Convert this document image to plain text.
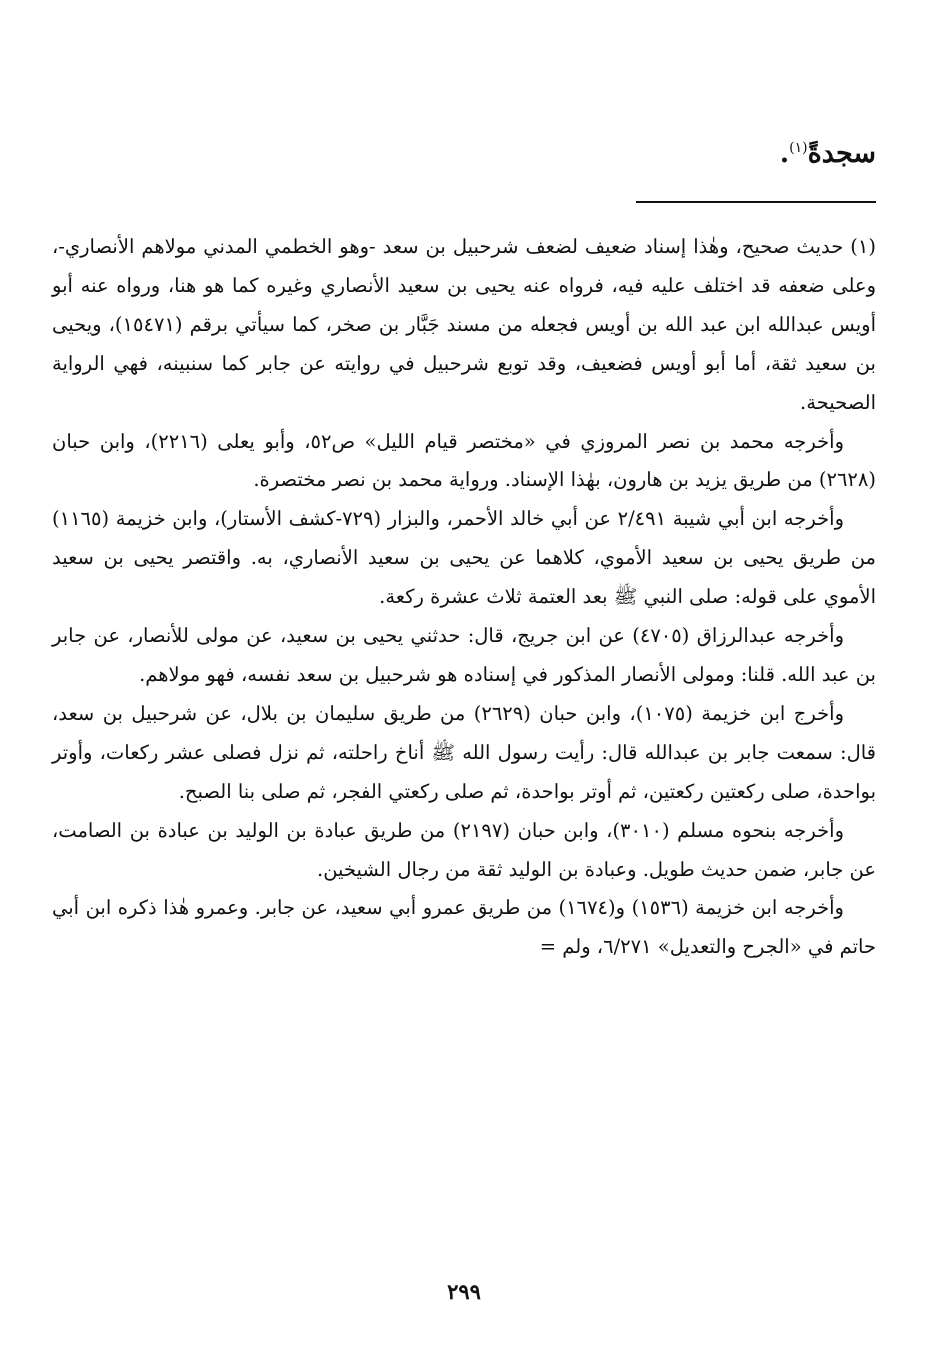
سجدةً$^{(١)}$.

(١) حديث صحيح، وهٰذا إسناد ضعيف لضعف شرحبيل بن سعد -وهو الخطمي المدني مولاهم الأنصاري-، وعلى ضعفه قد اختلف عليه فيه، فرواه عنه يحيى بن سعيد الأنصاري وغيره كما هو هنا، ورواه عنه أبو أويس عبدالله ابن عبد الله بن أويس فجعله من مسند جَبَّار بن صخر، كما سيأتي برقم (١٥٤٧١)، ويحيى بن سعيد ثقة، أما أبو أويس فضعيف، وقد توبع شرحبيل في روايته عن جابر كما سنبينه، فهي الرواية الصحيحة.

وأخرجه محمد بن نصر المروزي في «مختصر قيام الليل» ص٥٢، وأبو يعلى (٢٢١٦)، وابن حبان (٢٦٢٨) من طريق يزيد بن هارون، بهٰذا الإسناد. ورواية محمد بن نصر مختصرة.

وأخرجه ابن أبي شيبة ٢/٤٩١ عن أبي خالد الأحمر، والبزار (٧٢٩-كشف الأستار)، وابن خزيمة (١١٦٥) من طريق يحيى بن سعيد الأموي، كلاهما عن يحيى بن سعيد الأنصاري، به. واقتصر يحيى بن سعيد الأموي على قوله: صلى النبي ﷺ بعد العتمة ثلاث عشرة ركعة.

وأخرجه عبدالرزاق (٤٧٠٥) عن ابن جريج، قال: حدثني يحيى بن سعيد، عن مولى للأنصار، عن جابر بن عبد الله. قلنا: ومولى الأنصار المذكور في إسناده هو شرحبيل بن سعد نفسه، فهو مولاهم.

وأخرج ابن خزيمة (١٠٧٥)، وابن حبان (٢٦٢٩) من طريق سليمان بن بلال، عن شرحبيل بن سعد، قال: سمعت جابر بن عبدالله قال: رأيت رسول الله ﷺ أناخ راحلته، ثم نزل فصلى عشر ركعات، وأوتر بواحدة، صلى ركعتين ركعتين، ثم أوتر بواحدة، ثم صلى ركعتي الفجر، ثم صلى بنا الصبح.

وأخرجه بنحوه مسلم (٣٠١٠)، وابن حبان (٢١٩٧) من طريق عبادة بن الوليد بن عبادة بن الصامت، عن جابر، ضمن حديث طويل. وعبادة بن الوليد ثقة من رجال الشيخين.

وأخرجه ابن خزيمة (١٥٣٦) و(١٦٧٤) من طريق عمرو أبي سعيد، عن جابر. وعمرو هٰذا ذكره ابن أبي حاتم في «الجرح والتعديل» ٦/٢٧١، ولم =

٢٩٩
